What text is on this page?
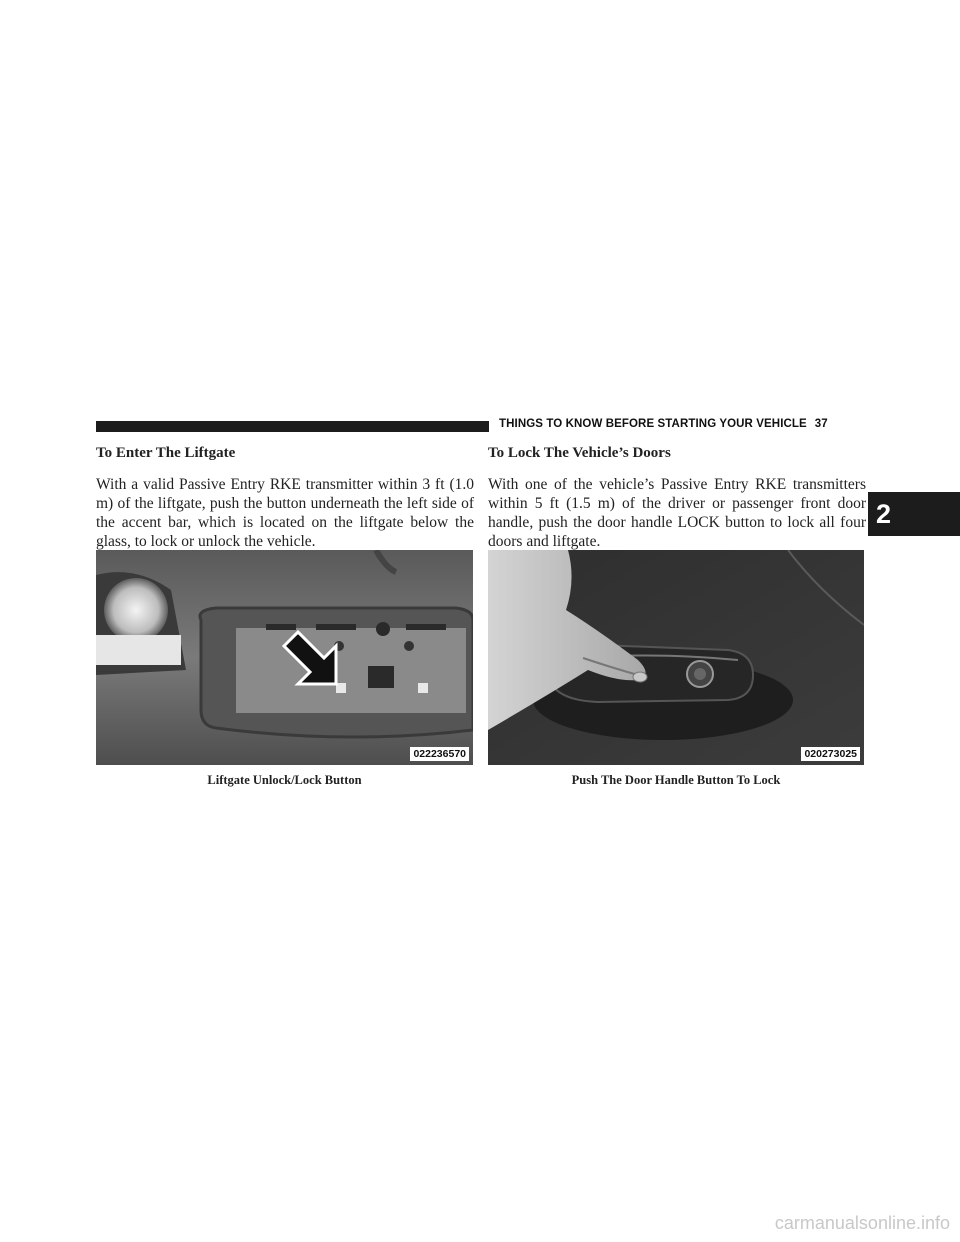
THINGS TO KNOW BEFORE STARTING YOUR VEHICLE 37
2
To Enter The Liftgate

With a valid Passive Entry RKE transmitter within 3 ft (1.0 m) of the liftgate, push the button underneath the left side of the accent bar, which is located on the liftgate below the glass, to lock or unlock the vehicle.

To Lock The Vehicle’s Doors

With one of the vehicle’s Passive Entry RKE transmitters within 5 ft (1.5 m) of the driver or passenger front door handle, push the door handle LOCK button to lock all four doors and liftgate.

022236570
Liftgate Unlock/Lock Button
020273025
Push The Door Handle Button To Lock
carmanualsonline.info
